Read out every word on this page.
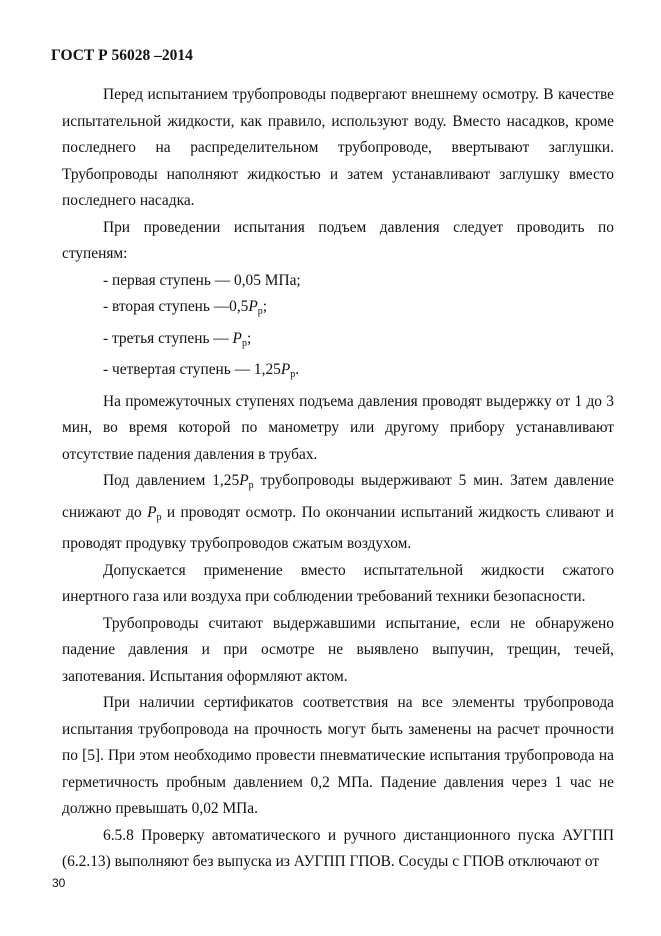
ГОСТ Р 56028 –2014

Перед испытанием трубопроводы подвергают внешнему осмотру. В качестве испытательной жидкости, как правило, используют воду. Вместо насадков, кроме последнего на распределительном трубопроводе, ввертывают заглушки. Трубопроводы наполняют жидкостью и затем устанавливают заглушку вместо последнего насадка.

При проведении испытания подъем давления следует проводить по ступеням:

- первая ступень — 0,05 МПа;

- вторая ступень $—0,5P_р$;

- третья ступень — $P_р$;

- четвертая ступень — $1,25P_р$.

На промежуточных ступенях подъема давления проводят выдержку от 1 до 3 мин, во время которой по манометру или другому прибору устанавливают отсутствие падения давления в трубах.

Под давлением $1,25P_р$ трубопроводы выдерживают 5 мин. Затем давление снижают до $P_р$ и проводят осмотр. По окончании испытаний жидкость сливают и проводят продувку трубопроводов сжатым воздухом.

Допускается применение вместо испытательной жидкости сжатого инертного газа или воздуха при соблюдении требований техники безопасности.

Трубопроводы считают выдержавшими испытание, если не обнаружено падение давления и при осмотре не выявлено выпучин, трещин, течей, запотевания. Испытания оформляют актом.

При наличии сертификатов соответствия на все элементы трубопровода испытания трубопровода на прочность могут быть заменены на расчет прочности по [5]. При этом необходимо провести пневматические испытания трубопровода на герметичность пробным давлением 0,2 МПа. Падение давления через 1 час не должно превышать 0,02 МПа.

6.5.8 Проверку автоматического и ручного дистанционного пуска АУГПП (6.2.13) выполняют без выпуска из АУГПП ГПОВ. Сосуды с ГПОВ отключают от

30
